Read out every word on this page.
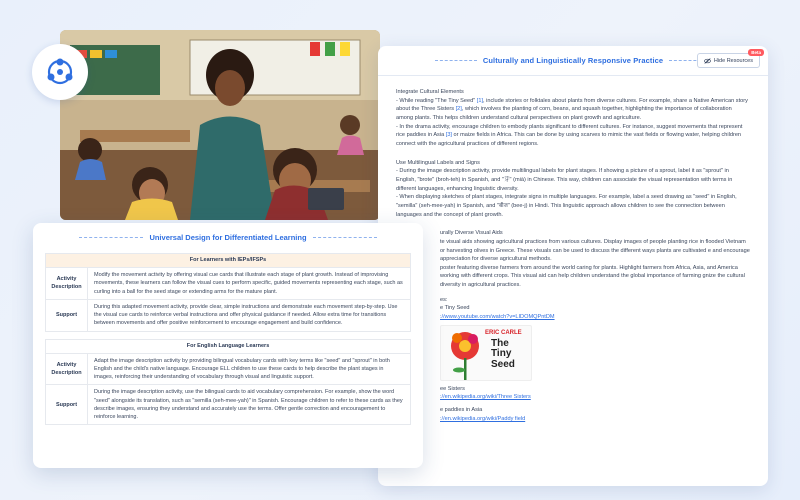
Culturally and Linguistically Responsive Practice	Hide Resources
Beta
Integrate Cultural Elements
- While reading "The Tiny Seed" [1], include stories or folktales about plants from diverse cultures. For example, share a Native American story about the Three Sisters [2], which involves the planting of corn, beans, and squash together, highlighting the importance of collaboration among plants. This helps children understand cultural perspectives on plant growth and agriculture.
- In the drama activity, encourage children to embody plants significant to different cultures. For instance, suggest movements that represent rice paddies in Asia [3] or maize fields in Africa. This can be done by using scarves to mimic the vast fields or flowing water, helping children connect with the agricultural practices of different regions.
Use Multilingual Labels and Signs
- During the image description activity, provide multilingual labels for plant stages. If showing a picture of a sprout, label it as "sprout" in English, "brote" (broh-teh) in Spanish, and "芽" (mià) in Chinese. This way, children can associate the visual representation with terms in different languages, enhancing linguistic diversity.
- When displaying sketches of plant stages, integrate signs in multiple languages. For example, label a seed drawing as "seed" in English, "semilla" (seh-mee-yah) in Spanish, and "बीज" (bee-j) in Hindi. This linguistic approach allows children to see the connection between languages and the concept of plant growth.
urally Diverse Visual Aids
te visual aids showing agricultural practices from various cultures. Display images of people planting rice in flooded Vietnam or harvesting olives in Greece. These visuals can be used to discuss the different ways plants are cultivated e and encourage appreciation for diverse agricultural methods.
poster featuring diverse farmers from around the world caring for plants. Highlight farmers from Africa, Asia, and America working with different crops. This visual aid can help children understand the global importance of farming gnize the cultural diversity in agricultural practices.
es:
e Tiny Seed
://www.youtube.com/watch?v=LIDOMQPntDM
ERIC CARLE
The
Tiny
Seed
ee Sisters
://en.wikipedia.org/wiki/Three Sisters
e paddies in Asia
://en.wikipedia.org/wiki/Paddy field
Universal Design for Differentiated Learning
For Learners with IEPs/IFSPs	
Activity Description	Modify the movement activity by offering visual cue cards that illustrate each stage of plant growth. Instead of improvising movements, these learners can follow the visual cues to perform specific, guided movements representing each stage, such as curling into a ball for the seed stage or extending arms for the mature plant.
Support	During this adapted movement activity, provide clear, simple instructions and demonstrate each movement step-by-step. Use the visual cue cards to reinforce verbal instructions and offer physical guidance if needed. Allow extra time for transitions between movements and offer positive reinforcement to encourage engagement and build confidence.

For English Language Learners	
Activity Description	Adapt the image description activity by providing bilingual vocabulary cards with key terms like "seed" and "sprout" in both English and the child's native language. Encourage ELL children to use these cards to help describe the plant stages in images, reinforcing their understanding of vocabulary through visual and linguistic support.
Support	During the image description activity, use the bilingual cards to aid vocabulary comprehension. For example, show the word "seed" alongside its translation, such as "semilla (seh-mee-yah)" in Spanish. Encourage children to refer to these cards as they describe images, ensuring they understand and accurately use the terms. Offer gentle correction and encouragement to reinforce learning.
